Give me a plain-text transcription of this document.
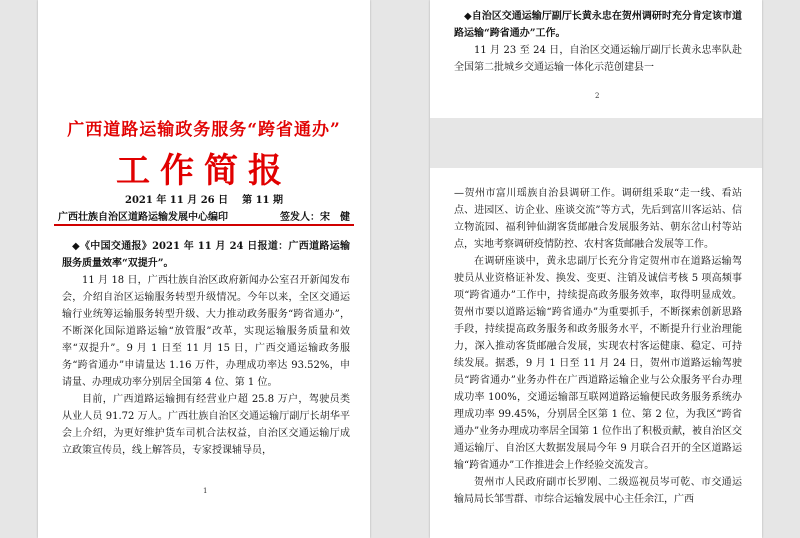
广西道路运输政务服务“跨省通办”
工作简报
2021 年 11 月 26 日 第 11 期
广西壮族自治区道路运输发展中心编印	签发人：宋　健

◆《中国交通报》2021 年 11 月 24 日报道：广西道路运输服务质量效率“双提升”。

11 月 18 日，广西壮族自治区政府新闻办公室召开新闻发布会，介绍自治区运输服务转型升级情况。今年以来，全区交通运输行业统筹运输服务转型升级、大力推动政务服务“跨省通办”，不断深化国际道路运输“放管服”改革，实现运输服务质量和效率“双提升”。9 月 1 日至 11 月 15 日，广西交通运输政务服务“跨省通办”申请量达 1.16 万件，办理成功率达 93.52%，申请量、办理成功率分别居全国第 4 位、第 1 位。

目前，广西道路运输拥有经营业户超 25.8 万户，驾驶员类从业人员 91.72 万人。广西壮族自治区交通运输厅副厅长胡华平会上介绍，为更好维护货车司机合法权益，自治区交通运输厅成立政策宣传员，线上解答员，专家授课辅导员，

1

◆自治区交通运输厅副厅长黄永忠在贺州调研时充分肯定该市道路运输“跨省通办”工作。

11 月 23 至 24 日，自治区交通运输厅副厅长黄永忠率队赴全国第二批城乡交通运输一体化示范创建县一

2

—贺州市富川瑶族自治县调研工作。调研组采取“走一线、看站点、进园区、访企业、座谈交流”等方式，先后到富川客运站、信立物流园、福利钟仙湖客货邮融合发展服务站、朝东岔山村等站点，实地考察调研疫情防控、农村客货邮融合发展等工作。

在调研座谈中，黄永忠副厅长充分肯定贺州市在道路运输驾驶员从业资格证补发、换发、变更、注销及诚信考核 5 项高频事项“跨省通办”工作中，持续提高政务服务效率，取得明显成效。贺州市要以道路运输“跨省通办”为重要抓手，不断探索创新思路手段，持续提高政务服务和政务服务水平，不断提升行业治理能力，深入推动客货邮融合发展，实现农村客运健康、稳定、可持续发展。据悉，9 月 1 日至 11 月 24 日，贺州市道路运输驾驶员“跨省通办”业务办件在广西道路运输企业与公众服务平台办理成功率 100%，交通运输部互联网道路运输便民政务服务系统办理成功率 99.45%，分别居全区第 1 位、第 2 位，为我区“跨省通办”业务办理成功率居全国第 1 位作出了积极贡献，被自治区交通运输厅、自治区大数据发展局今年 9 月联合召开的全区道路运输“跨省通办”工作推进会上作经验交流发言。

贺州市人民政府副市长罗刚、二级巡视员岑可乾、市交通运输局局长邹雪群、市综合运输发展中心主任余江，广西
